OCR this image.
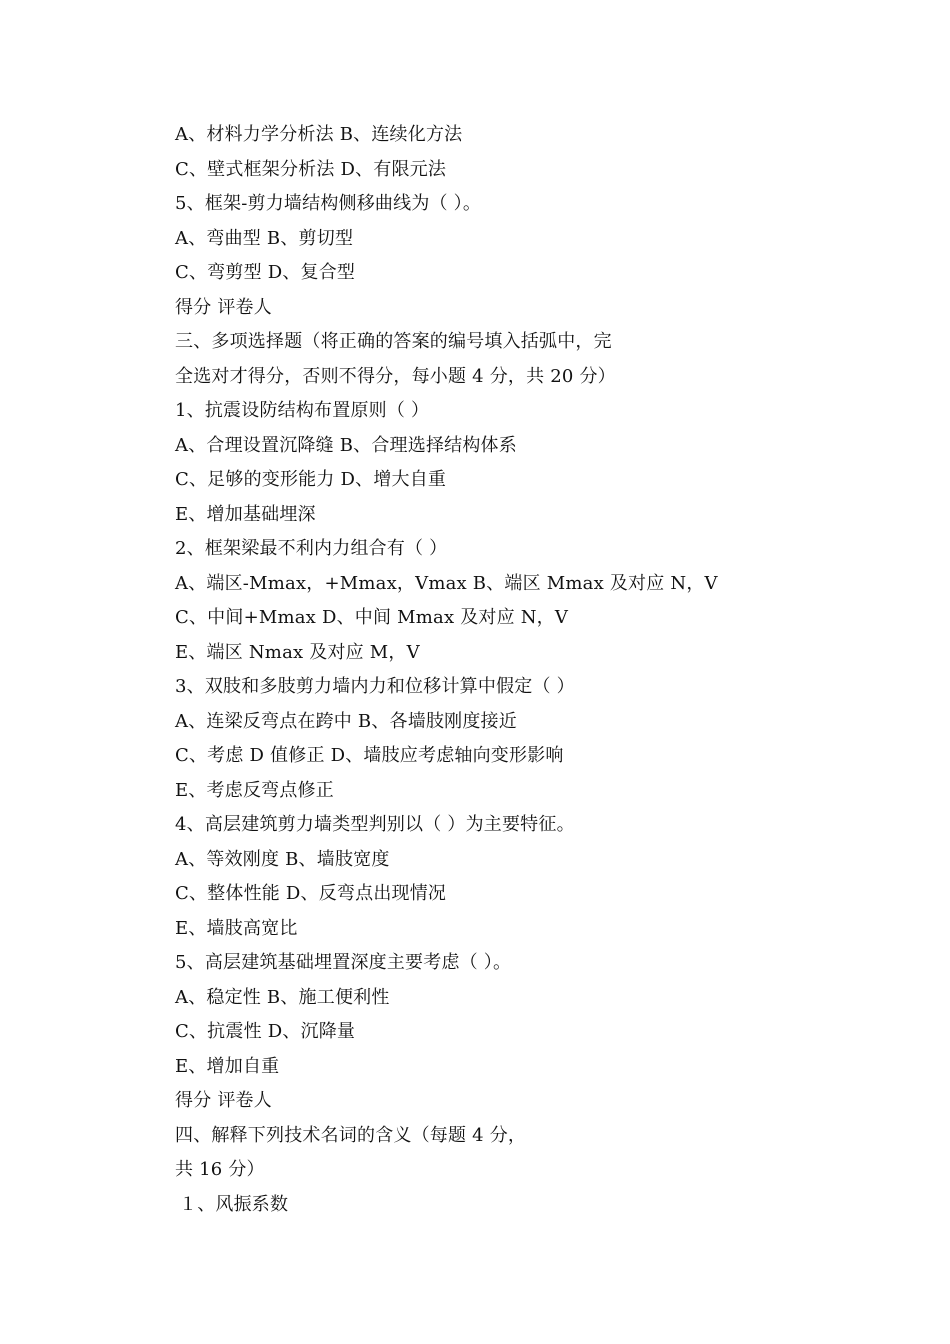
A、材料力学分析法 B、连续化方法
C、壁式框架分析法 D、有限元法
5、框架-剪力墙结构侧移曲线为（ ）。
A、弯曲型 B、剪切型
C、弯剪型 D、复合型
得分 评卷人
三、多项选择题（将正确的答案的编号填入括弧中，完
全选对才得分，否则不得分，每小题 4 分，共 20 分）
1、抗震设防结构布置原则（ ）
A、合理设置沉降缝 B、合理选择结构体系
C、足够的变形能力 D、增大自重
E、增加基础埋深
2、框架梁最不利内力组合有（ ）
A、端区-Mmax，+Mmax，Vmax B、端区 Mmax 及对应 N，V
C、中间+Mmax D、中间 Mmax 及对应 N，V
E、端区 Nmax 及对应 M，V
3、双肢和多肢剪力墙内力和位移计算中假定（ ）
A、连梁反弯点在跨中 B、各墙肢刚度接近
C、考虑 D 值修正 D、墙肢应考虑轴向变形影响
E、考虑反弯点修正
4、高层建筑剪力墙类型判别以（ ）为主要特征。
A、等效刚度 B、墙肢宽度
C、整体性能 D、反弯点出现情况
E、墙肢高宽比
5、高层建筑基础埋置深度主要考虑（ ）。
A、稳定性 B、施工便利性
C、抗震性 D、沉降量
E、增加自重
得分 评卷人
四、解释下列技术名词的含义（每题 4 分，
共 16 分）
１、风振系数
